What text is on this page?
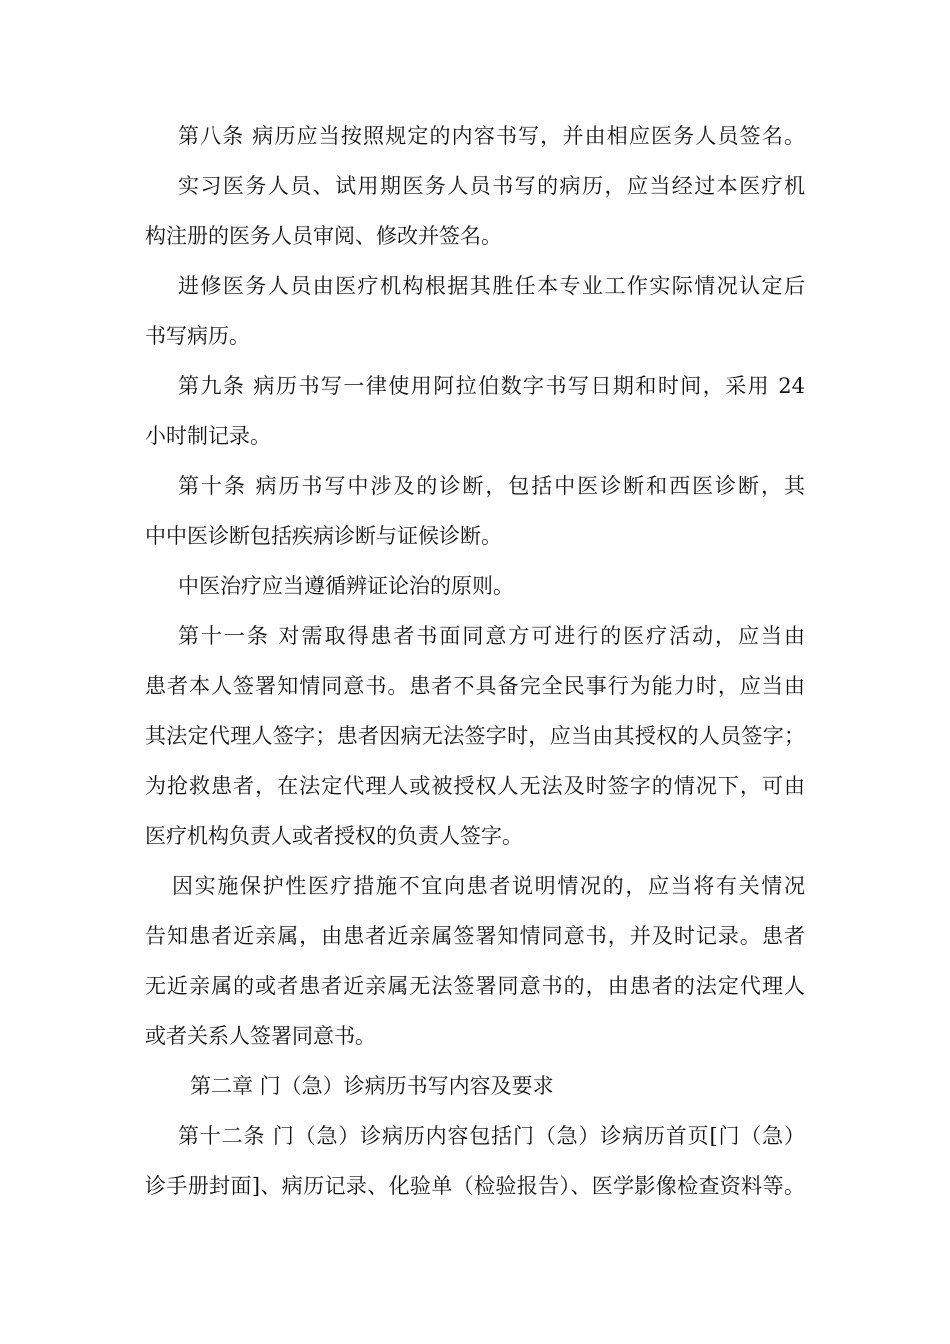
第八条 病历应当按照规定的内容书写，并由相应医务人员签名。
实习医务人员、试用期医务人员书写的病历，应当经过本医疗机
构注册的医务人员审阅、修改并签名。
进修医务人员由医疗机构根据其胜任本专业工作实际情况认定后
书写病历。
第九条 病历书写一律使用阿拉伯数字书写日期和时间，采用 24
小时制记录。
第十条 病历书写中涉及的诊断，包括中医诊断和西医诊断，其
中中医诊断包括疾病诊断与证候诊断。
中医治疗应当遵循辨证论治的原则。
第十一条 对需取得患者书面同意方可进行的医疗活动，应当由
患者本人签署知情同意书。患者不具备完全民事行为能力时，应当由
其法定代理人签字；患者因病无法签字时，应当由其授权的人员签字；
为抢救患者，在法定代理人或被授权人无法及时签字的情况下，可由
医疗机构负责人或者授权的负责人签字。
因实施保护性医疗措施不宜向患者说明情况的，应当将有关情况
告知患者近亲属，由患者近亲属签署知情同意书，并及时记录。患者
无近亲属的或者患者近亲属无法签署同意书的，由患者的法定代理人
或者关系人签署同意书。
第二章 门（急）诊病历书写内容及要求
第十二条 门（急）诊病历内容包括门（急）诊病历首页[门（急）
诊手册封面]、病历记录、化验单（检验报告）、医学影像检查资料等。
